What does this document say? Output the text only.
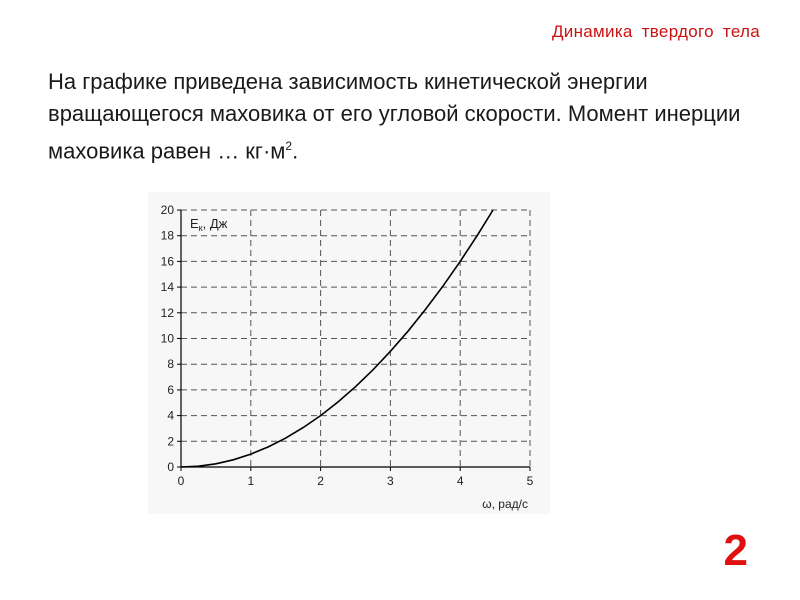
Динамика твердого тела
На графике приведена зависимость кинетической энергии вращающегося маховика от его угловой скорости. Момент инерции маховика равен … $кг\cdot м^2$.
0
2
4
6
8
10
12
14
16
18
20
0	1	2	3	4	5
$E_к$, Дж
ω, рад/с
2
